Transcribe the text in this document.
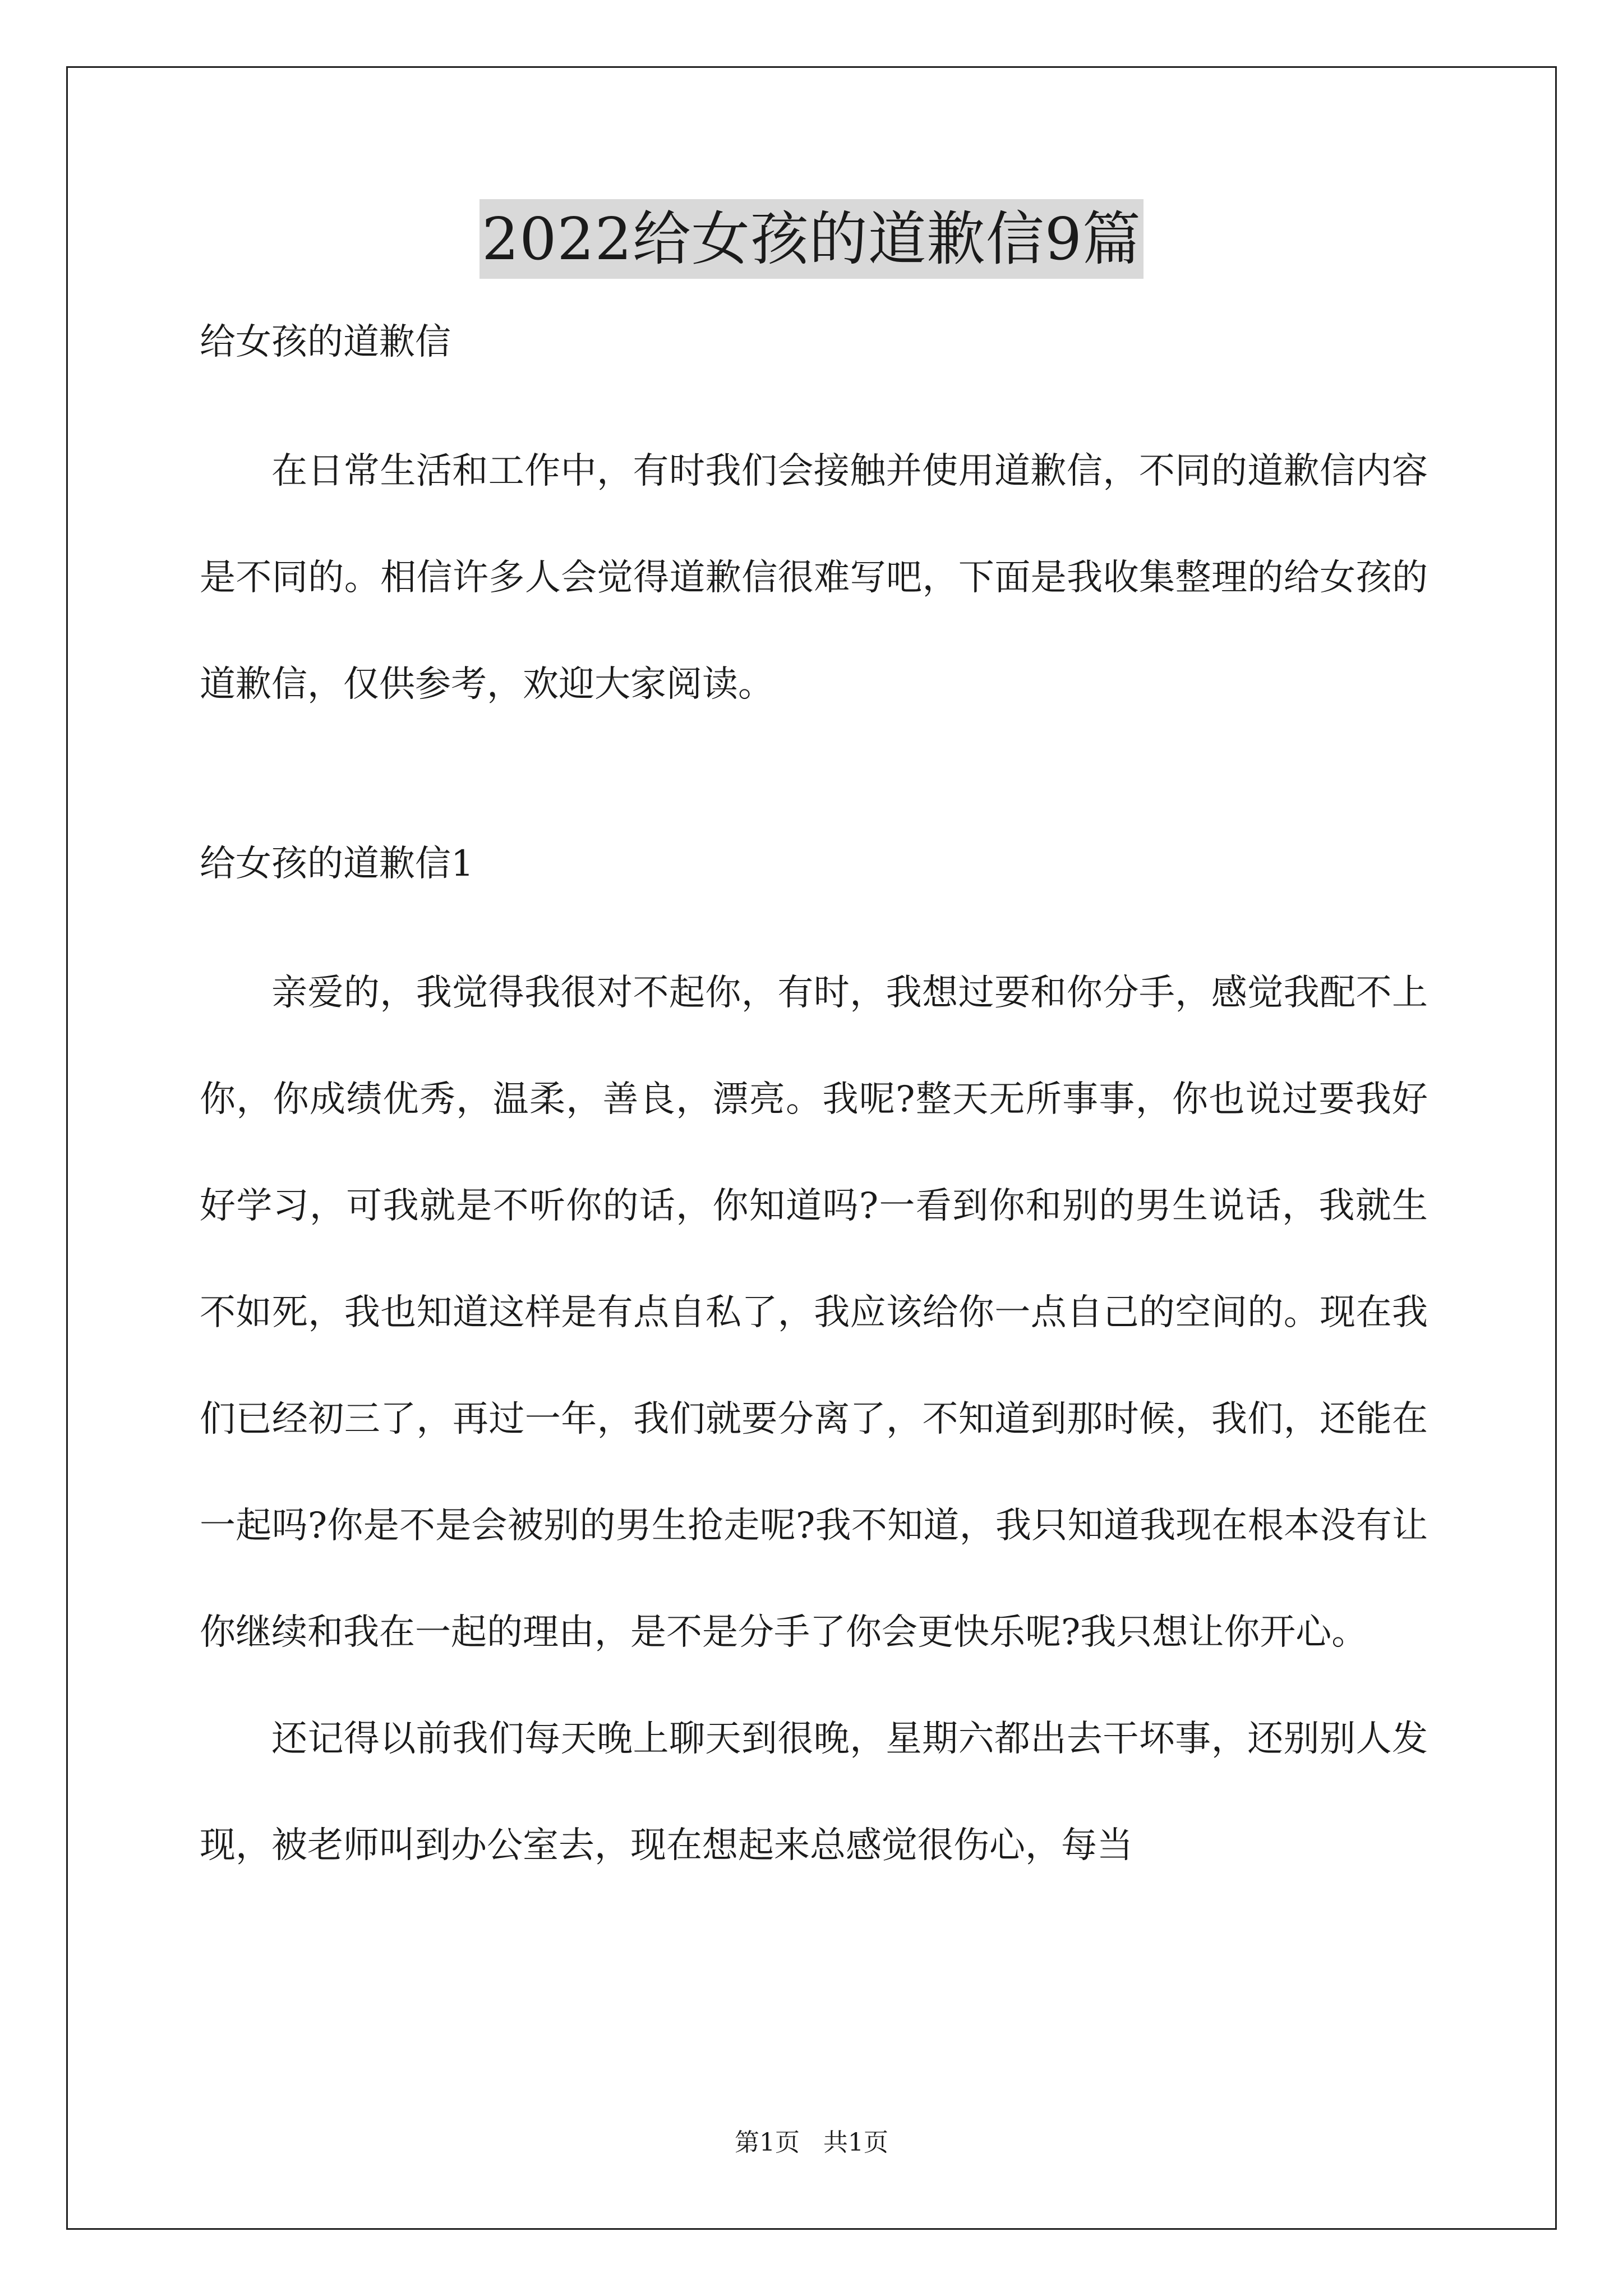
2022给女孩的道歉信9篇
给女孩的道歉信

在日常生活和工作中，有时我们会接触并使用道歉信，不同的道歉信内容是不同的。相信许多人会觉得道歉信很难写吧，下面是我收集整理的给女孩的道歉信，仅供参考，欢迎大家阅读。

给女孩的道歉信1

亲爱的，我觉得我很对不起你，有时，我想过要和你分手，感觉我配不上你，你成绩优秀，温柔，善良，漂亮。我呢?整天无所事事，你也说过要我好好学习，可我就是不听你的话，你知道吗?一看到你和别的男生说话，我就生不如死，我也知道这样是有点自私了，我应该给你一点自己的空间的。现在我们已经初三了，再过一年，我们就要分离了，不知道到那时候，我们，还能在一起吗?你是不是会被别的男生抢走呢?我不知道，我只知道我现在根本没有让你继续和我在一起的理由，是不是分手了你会更快乐呢?我只想让你开心。

还记得以前我们每天晚上聊天到很晚，星期六都出去干坏事，还别别人发现，被老师叫到办公室去，现在想起来总感觉很伤心，每当

第1页   共1页
